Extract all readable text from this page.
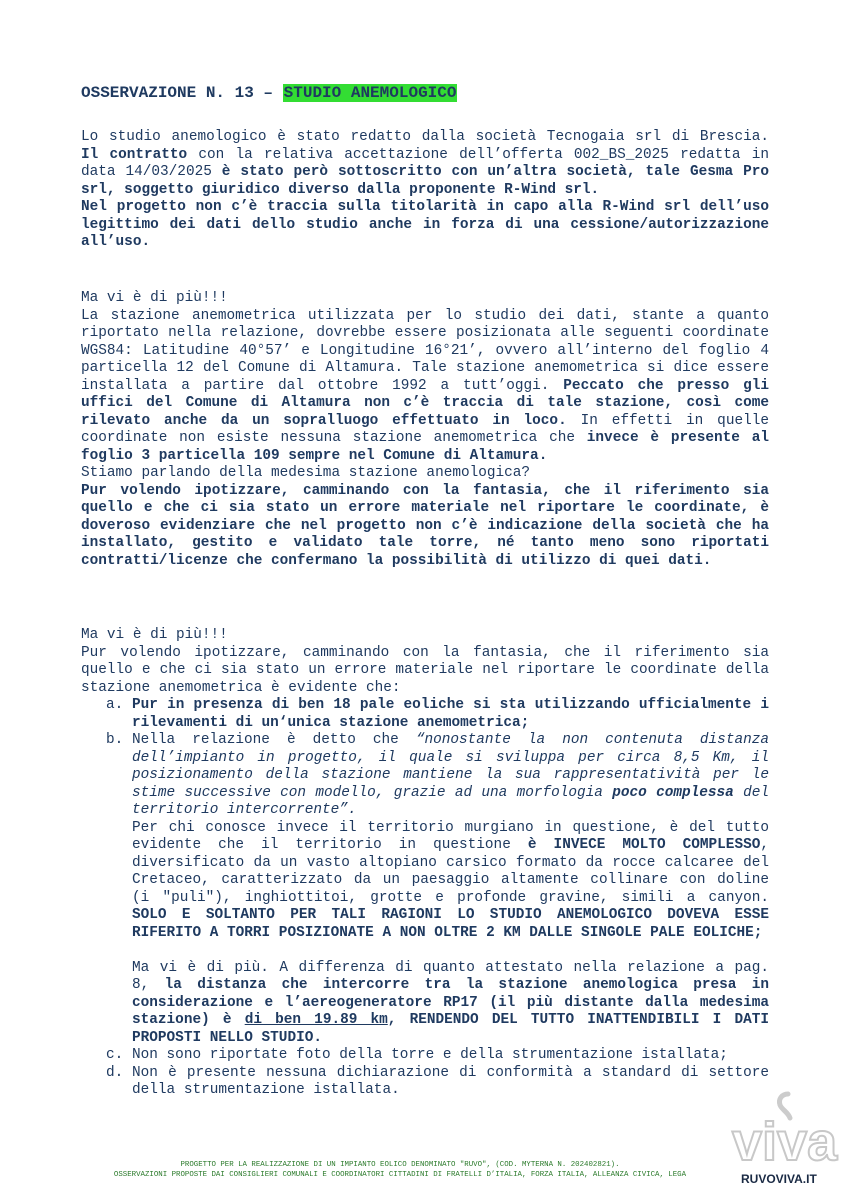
OSSERVAZIONE N. 13 – STUDIO ANEMOLOGICO

Lo studio anemologico è stato redatto dalla società Tecnogaia srl di Brescia. Il contratto con la relativa accettazione dell’offerta 002_BS_2025 redatta in data 14/03/2025 è stato però sottoscritto con un’altra società, tale Gesma Pro srl, soggetto giuridico diverso dalla proponente R-Wind srl.

Nel progetto non c’è traccia sulla titolarità in capo alla R-Wind srl dell’uso legittimo dei dati dello studio anche in forza di una cessione/autorizzazione all’uso.

Ma vi è di più!!!

La stazione anemometrica utilizzata per lo studio dei dati, stante a quanto riportato nella relazione, dovrebbe essere posizionata alle seguenti coordinate WGS84: Latitudine 40°57’ e Longitudine 16°21’, ovvero all’interno del foglio 4 particella 12 del Comune di Altamura. Tale stazione anemometrica si dice essere installata a partire dal ottobre 1992 a tutt’oggi. Peccato che presso gli uffici del Comune di Altamura non c’è traccia di tale stazione, così come rilevato anche da un sopralluogo effettuato in loco. In effetti in quelle coordinate non esiste nessuna stazione anemometrica che invece è presente al foglio 3 particella 109 sempre nel Comune di Altamura.

Stiamo parlando della medesima stazione anemologica?

Pur volendo ipotizzare, camminando con la fantasia, che il riferimento sia quello e che ci sia stato un errore materiale nel riportare le coordinate, è doveroso evidenziare che nel progetto non c’è indicazione della società che ha installato, gestito e validato tale torre, né tanto meno sono riportati contratti/licenze che confermano la possibilità di utilizzo di quei dati.

Ma vi è di più!!!

Pur volendo ipotizzare, camminando con la fantasia, che il riferimento sia quello e che ci sia stato un errore materiale nel riportare le coordinate della stazione anemometrica è evidente che:

a. Pur in presenza di ben 18 pale eoliche si sta utilizzando ufficialmente i rilevamenti di un‘unica stazione anemometrica;

b. Nella relazione è detto che “nonostante la non contenuta distanza dell’impianto in progetto, il quale si sviluppa per circa 8,5 Km, il posizionamento della stazione mantiene la sua rappresentatività per le stime successive con modello, grazie ad una morfologia poco complessa del territorio intercorrente”.

Per chi conosce invece il territorio murgiano in questione, è del tutto evidente che il territorio in questione è INVECE MOLTO COMPLESSO, diversificato da un vasto altopiano carsico formato da rocce calcaree del Cretaceo, caratterizzato da un paesaggio altamente collinare con doline (i "puli"), inghiottitoi, grotte e profonde gravine, simili a canyon. SOLO E SOLTANTO PER TALI RAGIONI LO STUDIO ANEMOLOGICO DOVEVA ESSE RIFERITO A TORRI POSIZIONATE A NON OLTRE 2 KM DALLE SINGOLE PALE EOLICHE;

Ma vi è di più. A differenza di quanto attestato nella relazione a pag. 8, la distanza che intercorre tra la stazione anemologica presa in considerazione e l’aereogeneratore RP17 (il più distante dalla medesima stazione) è di ben 19.89 km, RENDENDO DEL TUTTO INATTENDIBILI I DATI PROPOSTI NELLO STUDIO.

c. Non sono riportate foto della torre e della strumentazione istallata;

d. Non è presente nessuna dichiarazione di conformità a standard di settore della strumentazione istallata.

PROGETTO PER LA REALIZZAZIONE DI UN IMPIANTO EOLICO DENOMINATO "RUVO", (COD. MYTERNA N. 202402821).
OSSERVAZIONI PROPOSTE DAI CONSIGLIERI COMUNALI E COORDINATORI CITTADINI DI FRATELLI D’ITALIA, FORZA ITALIA, ALLEANZA CIVICA, LEGA
viva
RUVOVIVA.IT
